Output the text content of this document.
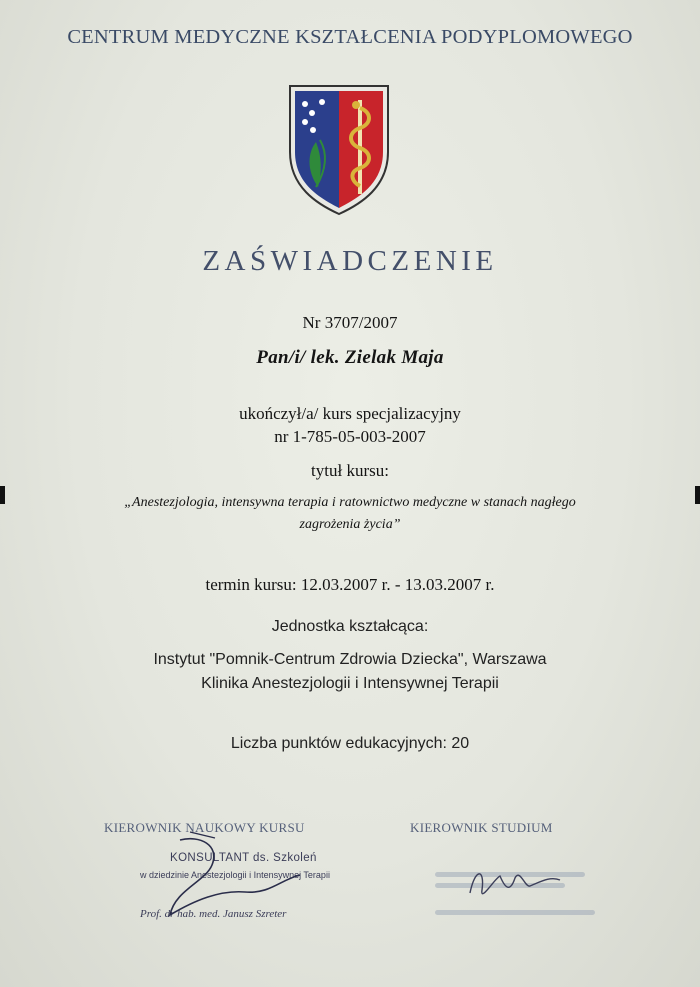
CENTRUM MEDYCZNE KSZTAŁCENIA PODYPLOMOWEGO
ZAŚWIADCZENIE
Nr 3707/2007
Pan/i/ lek. Zielak Maja
ukończył/a/ kurs specjalizacyjny
nr 1-785-05-003-2007
tytuł kursu:
„Anestezjologia, intensywna terapia i ratownictwo medyczne w stanach nagłego
zagrożenia życia”
termin kursu: 12.03.2007 r. - 13.03.2007 r.
Jednostka kształcąca:
Instytut "Pomnik-Centrum Zdrowia Dziecka", Warszawa
Klinika Anestezjologii i Intensywnej Terapii
Liczba punktów edukacyjnych: 20
KIEROWNIK NAUKOWY KURSU	KIEROWNIK STUDIUM
KONSULTANT ds. Szkoleń
w dziedzinie Anestezjologii i Intensywnej Terapii
Prof. dr hab. med. Janusz Szreter
